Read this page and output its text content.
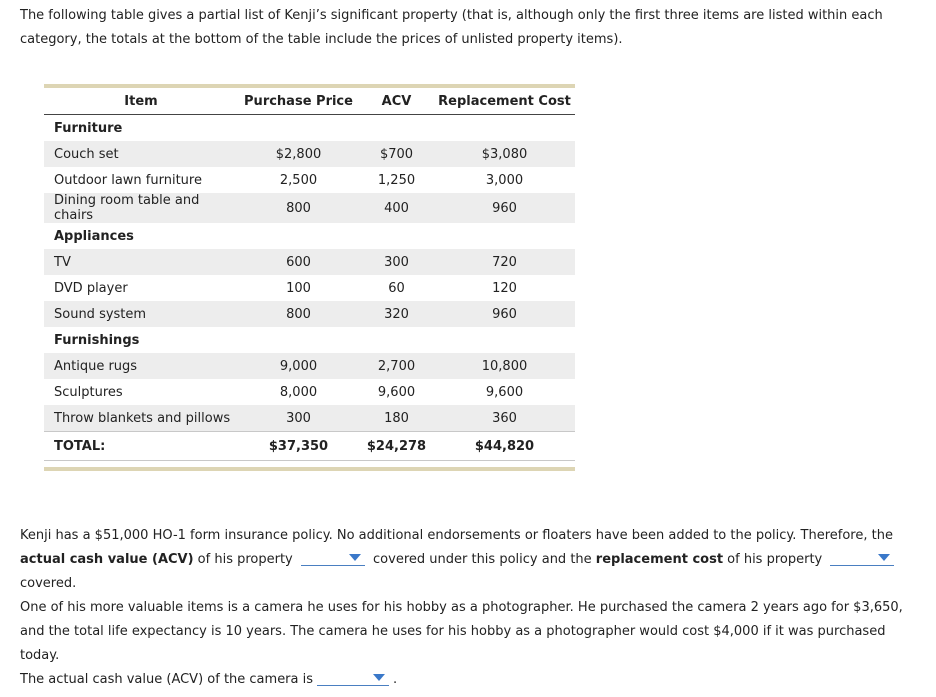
The following table gives a partial list of Kenji’s significant property (that is, although only the first three items are listed within each category, the totals at the bottom of the table include the prices of unlisted property items).
Item	Purchase Price	ACV	Replacement Cost
Furniture			
Couch set	$2,800	$700	$3,080
Outdoor lawn furniture	2,500	1,250	3,000
Dining room table and chairs	800	400	960
Appliances			
TV	600	300	720
DVD player	100	60	120
Sound system	800	320	960
Furnishings			
Antique rugs	9,000	2,700	10,800
Sculptures	8,000	9,600	9,600
Throw blankets and pillows	300	180	360
TOTAL:	$37,350	$24,278	$44,820
Kenji has a $51,000 HO-1 form insurance policy. No additional endorsements or floaters have been added to the policy. Therefore, the actual cash value (ACV) of his property	covered under this policy and the replacement cost of his property
covered.
One of his more valuable items is a camera he uses for his hobby as a photographer. He purchased the camera 2 years ago for $3,650, and the total life expectancy is 10 years. The camera he uses for his hobby as a photographer would cost $4,000 if it was purchased today.
The actual cash value (ACV) of the camera is	.
